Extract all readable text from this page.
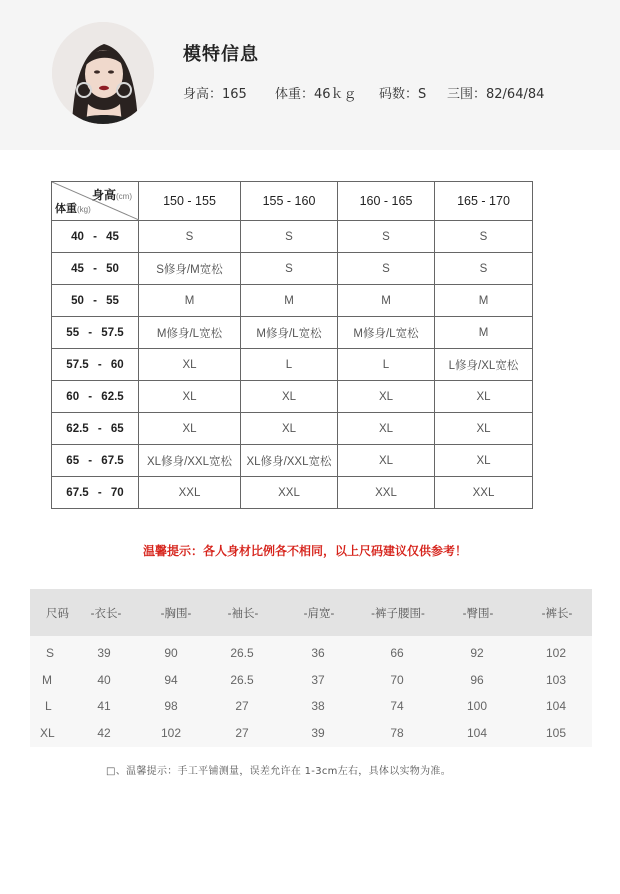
模特信息
身高：165 体重：46ｋｇ 码数：S 三围：82/64/84
身高(cm)
体重(kg)	150 - 155	155 - 160	160 - 165	165 - 170
40 - 45	S	S	S	S
45 - 50	S修身/M宽松	S	S	S
50 - 55	M	M	M	M
55 - 57.5	M修身/L宽松	M修身/L宽松	M修身/L宽松	M
57.5 - 60	XL	L	L	L修身/XL宽松
60 - 62.5	XL	XL	XL	XL
62.5 - 65	XL	XL	XL	XL
65 - 67.5	XL修身/XXL宽松	XL修身/XXL宽松	XL	XL
67.5 - 70	XXL	XXL	XXL	XXL
温馨提示：各人身材比例各不相同，以上尺码建议仅供参考！
尺码 -衣长-	-胸围-	-袖长-	-肩宽-	-裤子腰围-	-臀围-	-裤长-
S	39	90	26.5	36	66	92	102
M	40	94	26.5	37	70	96	103
L	41	98	27	38	74	100	104
XL	42	102	27	39	78	104	105
□、温馨提示：手工平铺测量，误差允许在 1-3cm左右，具体以实物为准。
